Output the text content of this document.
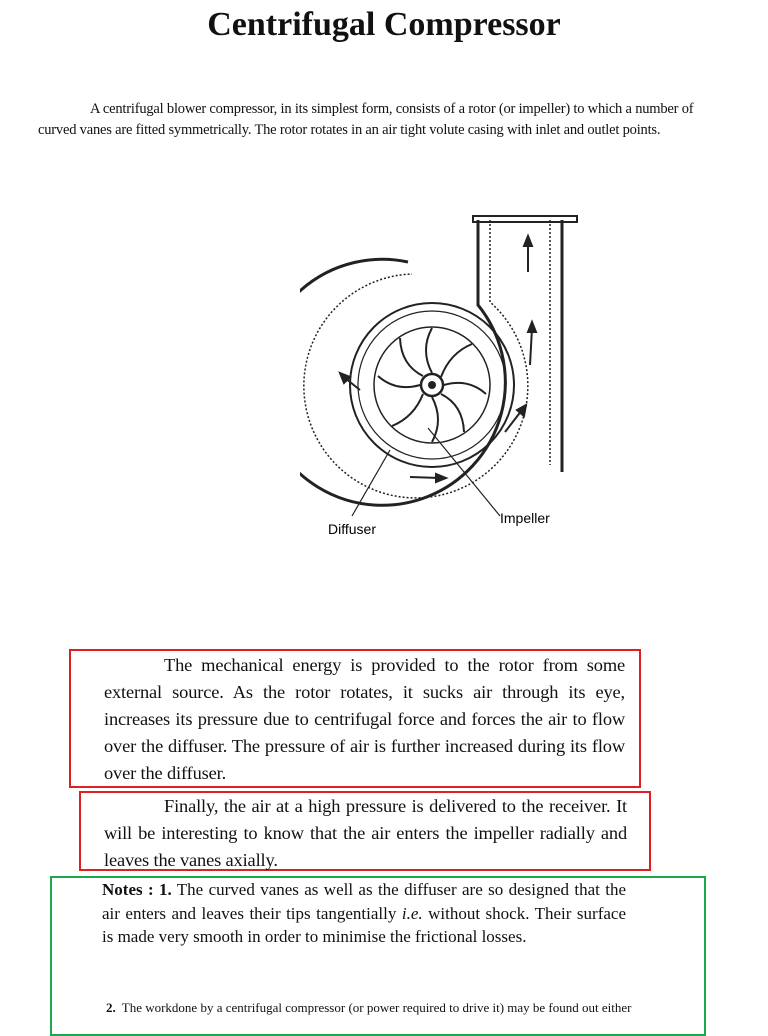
Centrifugal Compressor
A centrifugal blower compressor, in its simplest form, consists of a rotor (or impeller) to which a number of curved vanes are fitted symmetrically. The rotor rotates in an air tight volute casing with inlet and outlet points.
Diffuser
Impeller

The mechanical energy is provided to the rotor from some external source. As the rotor rotates, it sucks air through its eye, increases its pressure due to centrifugal force and forces the air to flow over the diffuser. The pressure of air is further increased during its flow over the diffuser.

Finally, the air at a high pressure is delivered to the receiver. It will be interesting to know that the air enters the impeller radially and leaves the vanes axially.

Notes : 1. The curved vanes as well as the diffuser are so designed that the air enters and leaves their tips tangentially i.e. without shock. Their surface is made very smooth in order to minimise the frictional losses.

2. The workdone by a centrifugal compressor (or power required to drive it) may be found out either
